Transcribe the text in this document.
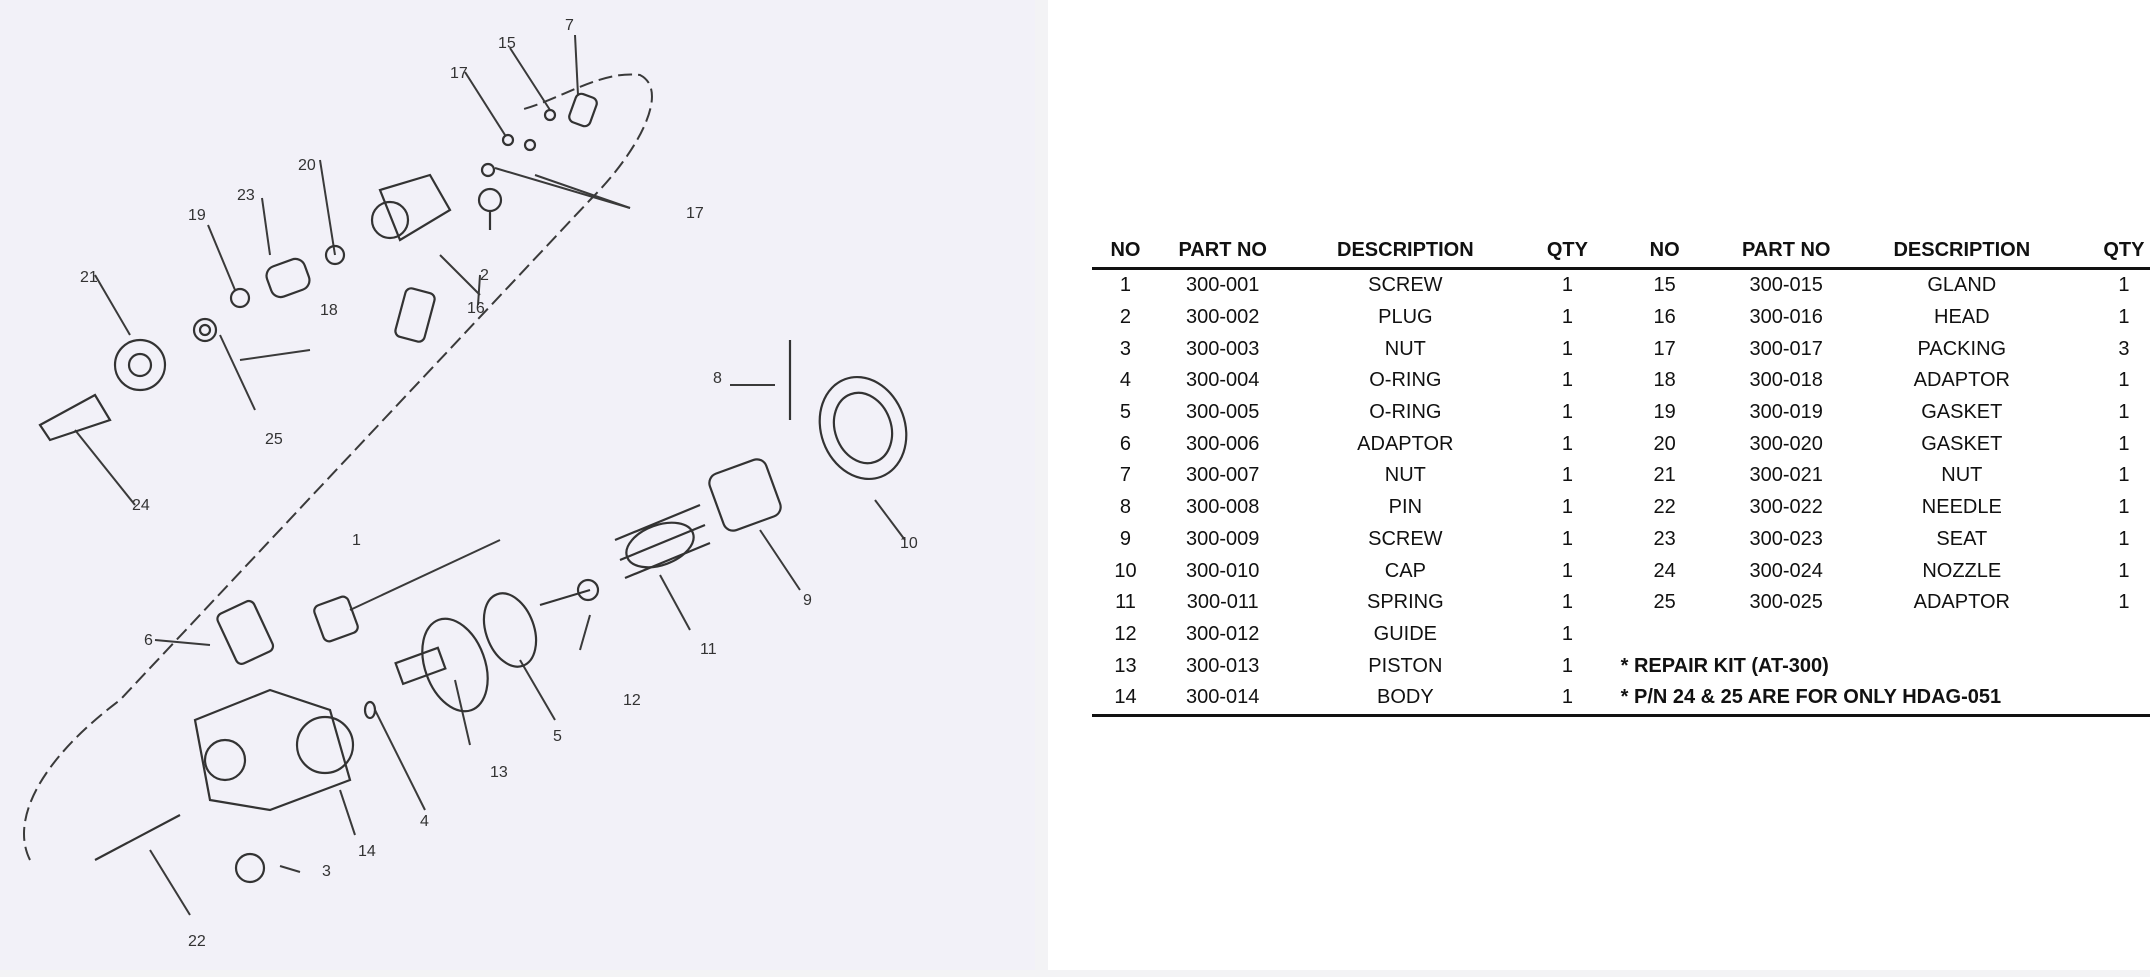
1
2
3
4
5
6
7
8
9
10
11
12
13
14
15
16
17
17
18
19
20
21
22
23
24
25
NO	PART NO	DESCRIPTION	QTY	NO	PART NO	DESCRIPTION	QTY
1	300-001	SCREW	1	15	300-015	GLAND	1
2	300-002	PLUG	1	16	300-016	HEAD	1
3	300-003	NUT	1	17	300-017	PACKING	3
4	300-004	O-RING	1	18	300-018	ADAPTOR	1
5	300-005	O-RING	1	19	300-019	GASKET	1
6	300-006	ADAPTOR	1	20	300-020	GASKET	1
7	300-007	NUT	1	21	300-021	NUT	1
8	300-008	PIN	1	22	300-022	NEEDLE	1
9	300-009	SCREW	1	23	300-023	SEAT	1
10	300-010	CAP	1	24	300-024	NOZZLE	1
11	300-011	SPRING	1	25	300-025	ADAPTOR	1
12	300-012	GUIDE	1				
13	300-013	PISTON	1	* REPAIR KIT (AT-300)			
14	300-014	BODY	1	* P/N 24 & 25 ARE FOR ONLY HDAG-051			
